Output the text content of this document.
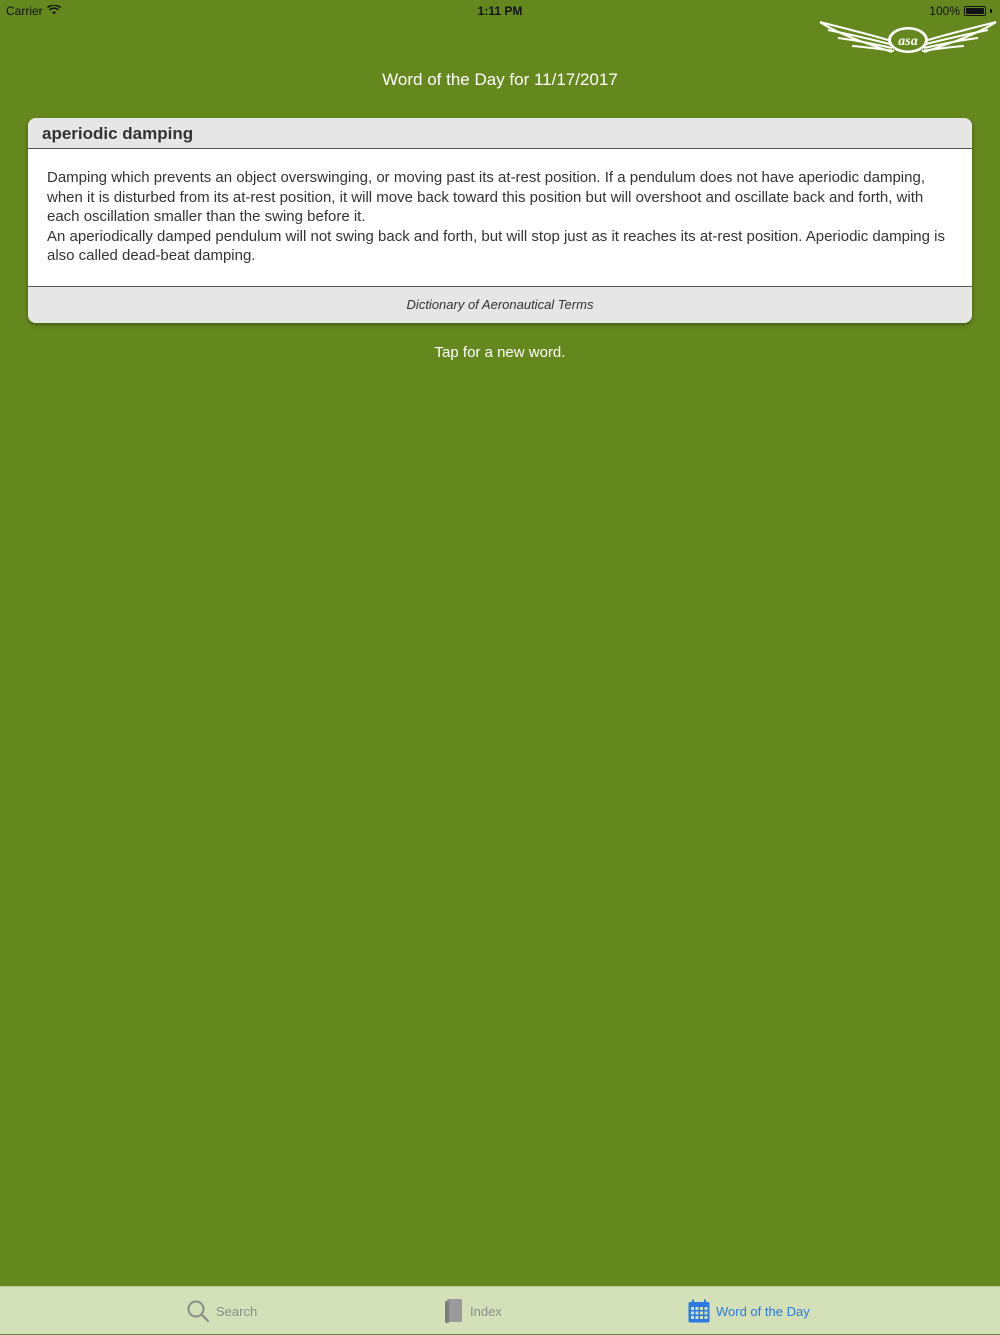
Carrier	1:11 PM	100%
asa
Word of the Day for 11/17/2017
aperiodic damping

Damping which prevents an object overswinging, or moving past its at-rest position. If a pendulum does not have aperiodic damping, when it is disturbed from its at-rest position, it will move back toward this position but will overshoot and oscillate back and forth, with each oscillation smaller than the swing before it.

An aperiodically damped pendulum will not swing back and forth, but will stop just as it reaches its at-rest position. Aperiodic damping is also called dead-beat damping.

Dictionary of Aeronautical Terms
Tap for a new word.
Search	Index	Word of the Day
